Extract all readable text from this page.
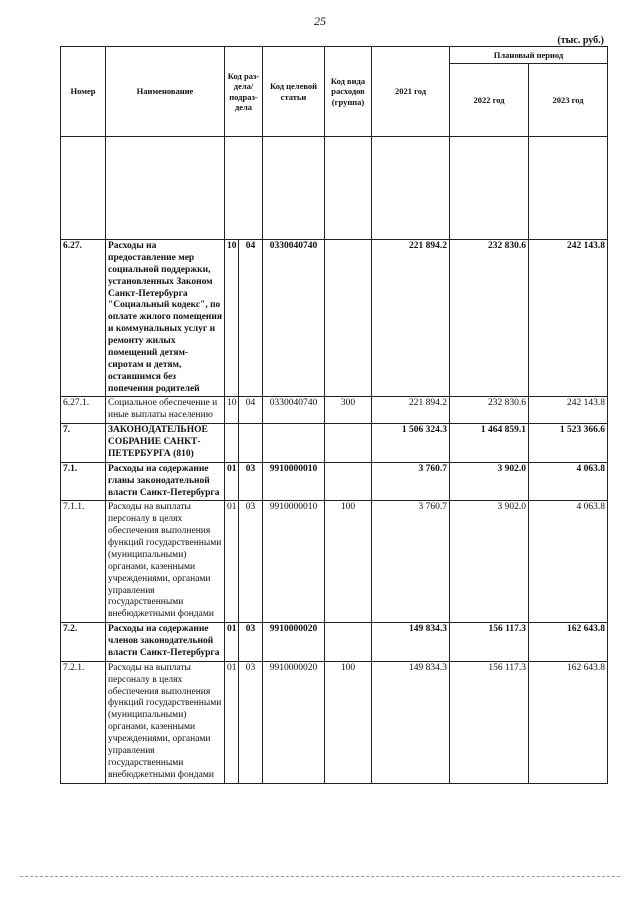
25
(тыс. руб.)
Номер	Наименование	Код раз-дела/ подраз-дела		Код целевой статьи	Код вида расходов (группа)	2021 год	Плановый период	
							2022 год	2023 год

6.27.	Расходы на предоставление мер социальной поддержки, установленных Законом Санкт-Петербурга "Социальный кодекс", по оплате жилого помещения и коммунальных услуг и ремонту жилых помещений детям-сиротам и детям, оставшимся без попечения родителей	10	04	0330040740		221 894.2	232 830.6	242 143.8
6.27.1.	Социальное обеспечение и иные выплаты населению	10	04	0330040740	300	221 894.2	232 830.6	242 143.8
7.	ЗАКОНОДАТЕЛЬНОЕ СОБРАНИЕ САНКТ-ПЕТЕРБУРГА (810)					1 506 324.3	1 464 859.1	1 523 366.6
7.1.	Расходы на содержание главы законодательной власти Санкт-Петербурга	01	03	9910000010		3 760.7	3 902.0	4 063.8
7.1.1.	Расходы на выплаты персоналу в целях обеспечения выполнения функций государственными (муниципальными) органами, казенными учреждениями, органами управления государственными внебюджетными фондами	01	03	9910000010	100	3 760.7	3 902.0	4 063.8
7.2.	Расходы на содержание членов законодательной власти Санкт-Петербурга	01	03	9910000020		149 834.3	156 117.3	162 643.8
7.2.1.	Расходы на выплаты персоналу в целях обеспечения выполнения функций государственными (муниципальными) органами, казенными учреждениями, органами управления государственными внебюджетными фондами	01	03	9910000020	100	149 834.3	156 117.3	162 643.8
